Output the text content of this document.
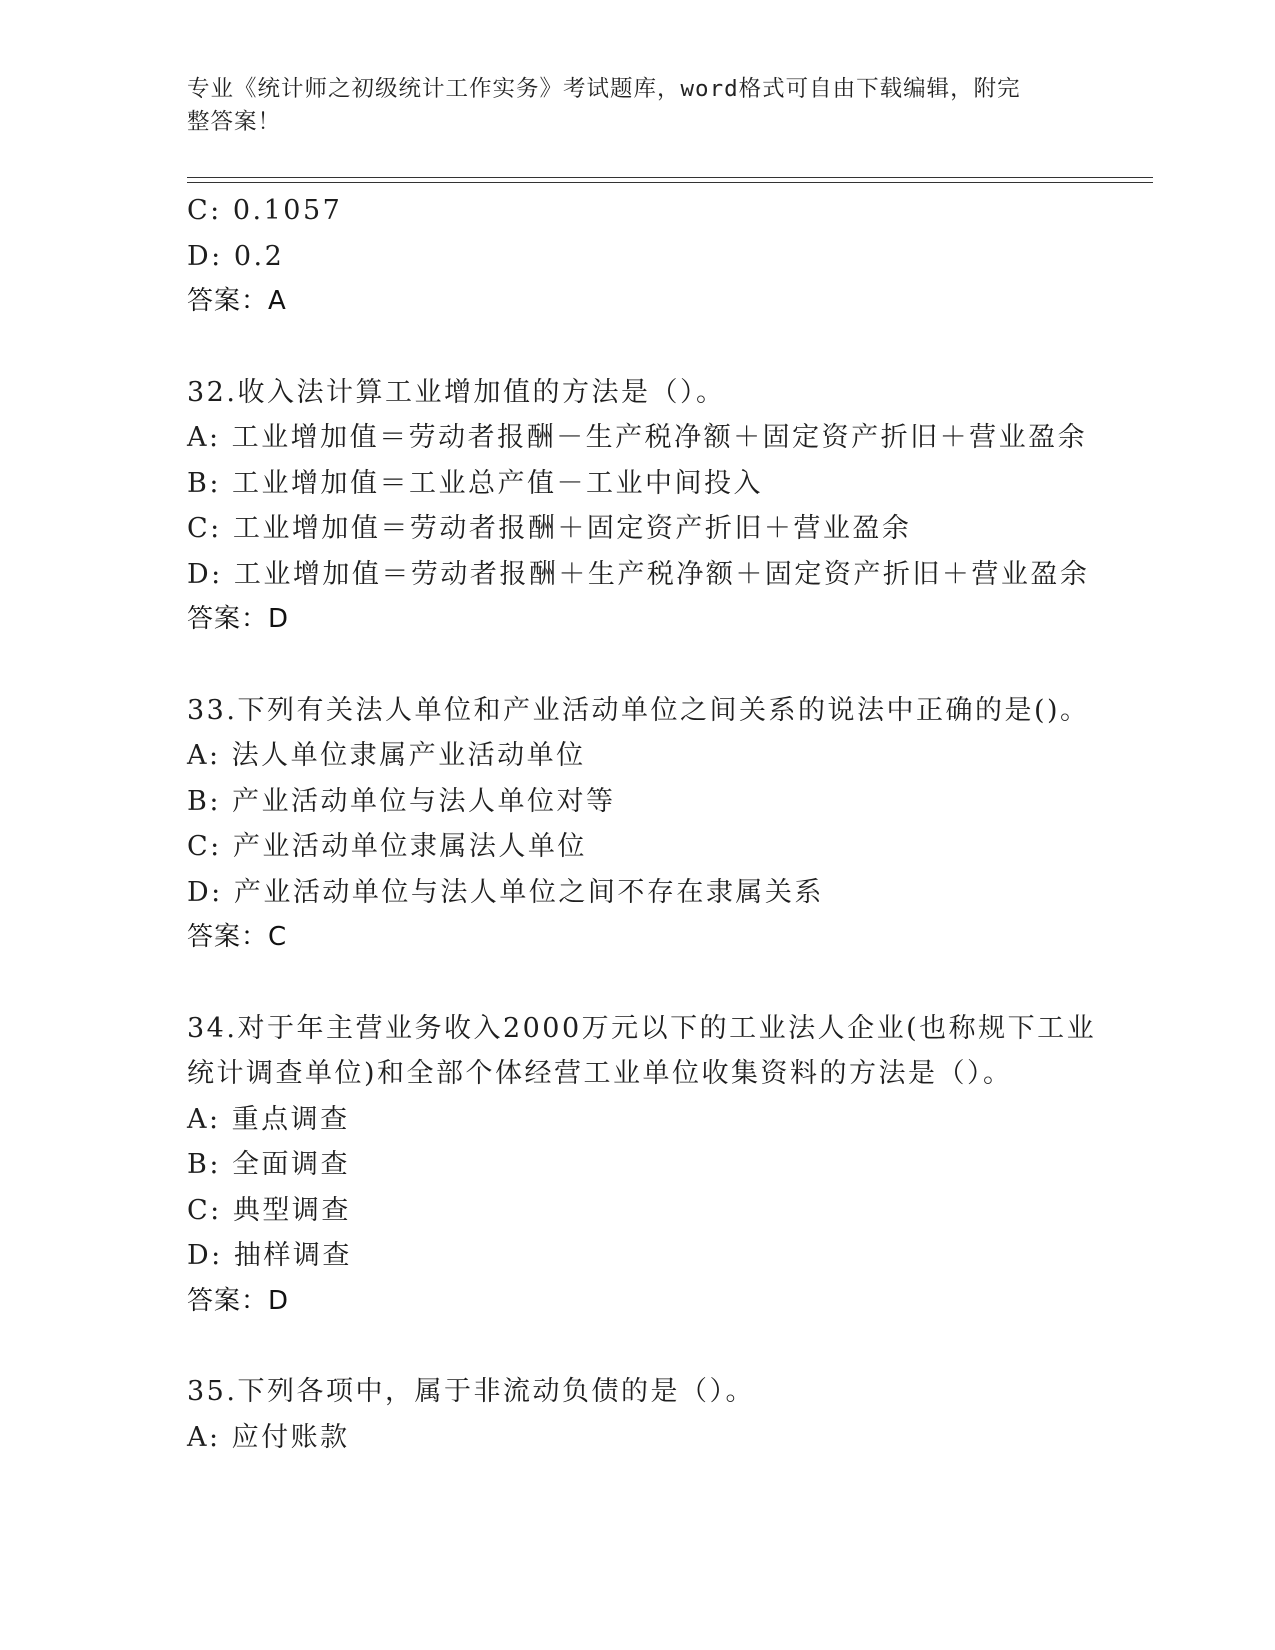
专业《统计师之初级统计工作实务》考试题库，word格式可自由下载编辑，附完
整答案！
C: 0.1057
D: 0.2
答案：A
32.收入法计算工业增加值的方法是（）。
A: 工业增加值＝劳动者报酬－生产税净额＋固定资产折旧＋营业盈余
B: 工业增加值＝工业总产值－工业中间投入
C: 工业增加值＝劳动者报酬＋固定资产折旧＋营业盈余
D: 工业增加值＝劳动者报酬＋生产税净额＋固定资产折旧＋营业盈余
答案：D
33.下列有关法人单位和产业活动单位之间关系的说法中正确的是()。
A: 法人单位隶属产业活动单位
B: 产业活动单位与法人单位对等
C: 产业活动单位隶属法人单位
D: 产业活动单位与法人单位之间不存在隶属关系
答案：C
34.对于年主营业务收入2000万元以下的工业法人企业(也称规下工业
统计调查单位)和全部个体经营工业单位收集资料的方法是（）。
A: 重点调查
B: 全面调查
C: 典型调查
D: 抽样调查
答案：D
35.下列各项中，属于非流动负债的是（）。
A: 应付账款
